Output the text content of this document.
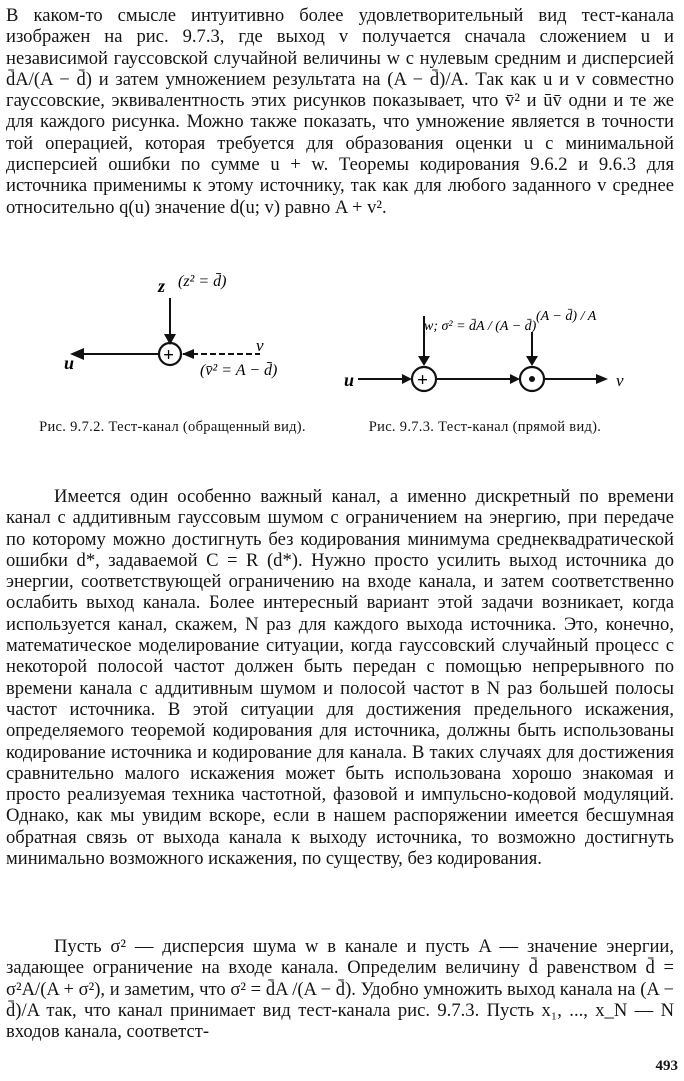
В каком-то смысле интуитивно более удовлетворительный вид тест-канала изображен на рис. 9.7.3, где выход v получается сначала сложением u и независимой гауссовской случайной величины w с нулевым средним и дисперсией d̄A/(A − d̄) и затем умножением результата на (A − d̄)/A. Так как u и v совместно гауссовские, эквивалентность этих рисунков показывает, что v̄² и ūv̄ одни и те же для каждого рисунка. Можно также показать, что умножение является в точности той операцией, которая требуется для образования оценки u с минимальной дисперсией ошибки по сумме u + w. Теоремы кодирования 9.6.2 и 9.6.3 для источника применимы к этому источнику, так как для любого заданного v среднее относительно q(u) значение d(u; v) равно A + v².

z (z² = d̄)
+	v
(v̄² = A − d̄)
u
w; σ² = d̄A / (A − d̄)
(A − d̄) / A
u	+	v
Рис. 9.7.2. Тест-канал (обращенный вид).	Рис. 9.7.3. Тест-канал (прямой вид).

Имеется один особенно важный канал, а именно дискретный по времени канал с аддитивным гауссовым шумом с ограничением на энергию, при передаче по которому можно достигнуть без кодирования минимума среднеквадратической ошибки d*, задаваемой C = R (d*). Нужно просто усилить выход источника до энергии, соответствующей ограничению на входе канала, и затем соответственно ослабить выход канала. Более интересный вариант этой задачи возникает, когда используется канал, скажем, N раз для каждого выхода источника. Это, конечно, математическое моделирование ситуации, когда гауссовский случайный процесс с некоторой полосой частот должен быть передан с помощью непрерывного по времени канала с аддитивным шумом и полосой частот в N раз большей полосы частот источника. В этой ситуации для достижения предельного искажения, определяемого теоремой кодирования для источника, должны быть использованы кодирование источника и кодирование для канала. В таких случаях для достижения сравнительно малого искажения может быть использована хорошо знакомая и просто реализуемая техника частотной, фазовой и импульсно-кодовой модуляций. Однако, как мы увидим вскоре, если в нашем распоряжении имеется бесшумная обратная связь от выхода канала к выходу источника, то возможно достигнуть минимально возможного искажения, по существу, без кодирования.

Пусть σ² — дисперсия шума w в канале и пусть A — значение энергии, задающее ограничение на входе канала. Определим величину d̄ равенством d̄ = σ²A/(A + σ²), и заметим, что σ² = d̄A /(A − d̄). Удобно умножить выход канала на (A − d̄)/A так, что канал принимает вид тест-канала рис. 9.7.3. Пусть x₁, ..., x_N — N входов канала, соответст-

493
